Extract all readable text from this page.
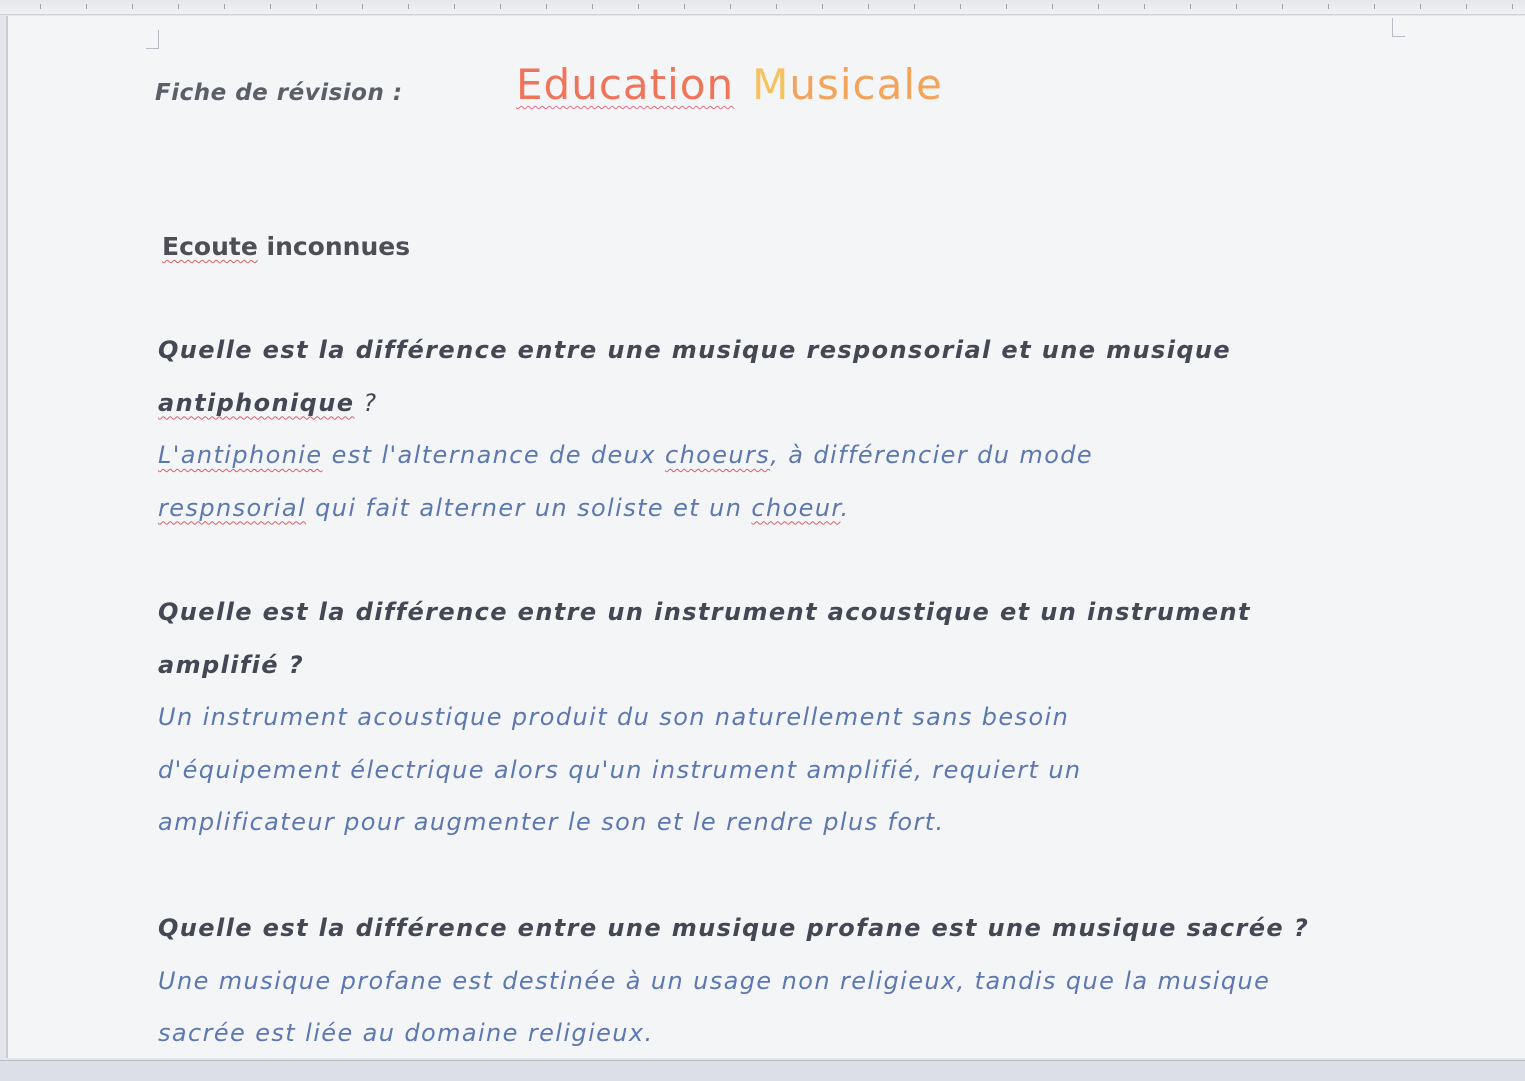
Fiche de révision :	Education Musicale
Ecoute inconnues
Quelle est la différence entre une musique responsorial et une musique
antiphonique ?
L'antiphonie est l'alternance de deux choeurs, à différencier du mode
respnsorial qui fait alterner un soliste et un choeur.
Quelle est la différence entre un instrument acoustique et un instrument amplifié ?
Un instrument acoustique produit du son naturellement sans besoin d'équipement électrique alors qu'un instrument amplifié, requiert un amplificateur pour augmenter le son et le rendre plus fort.
Quelle est la différence entre une musique profane est une musique sacrée ?
Une musique profane est destinée à un usage non religieux, tandis que la musique sacrée est liée au domaine religieux.
